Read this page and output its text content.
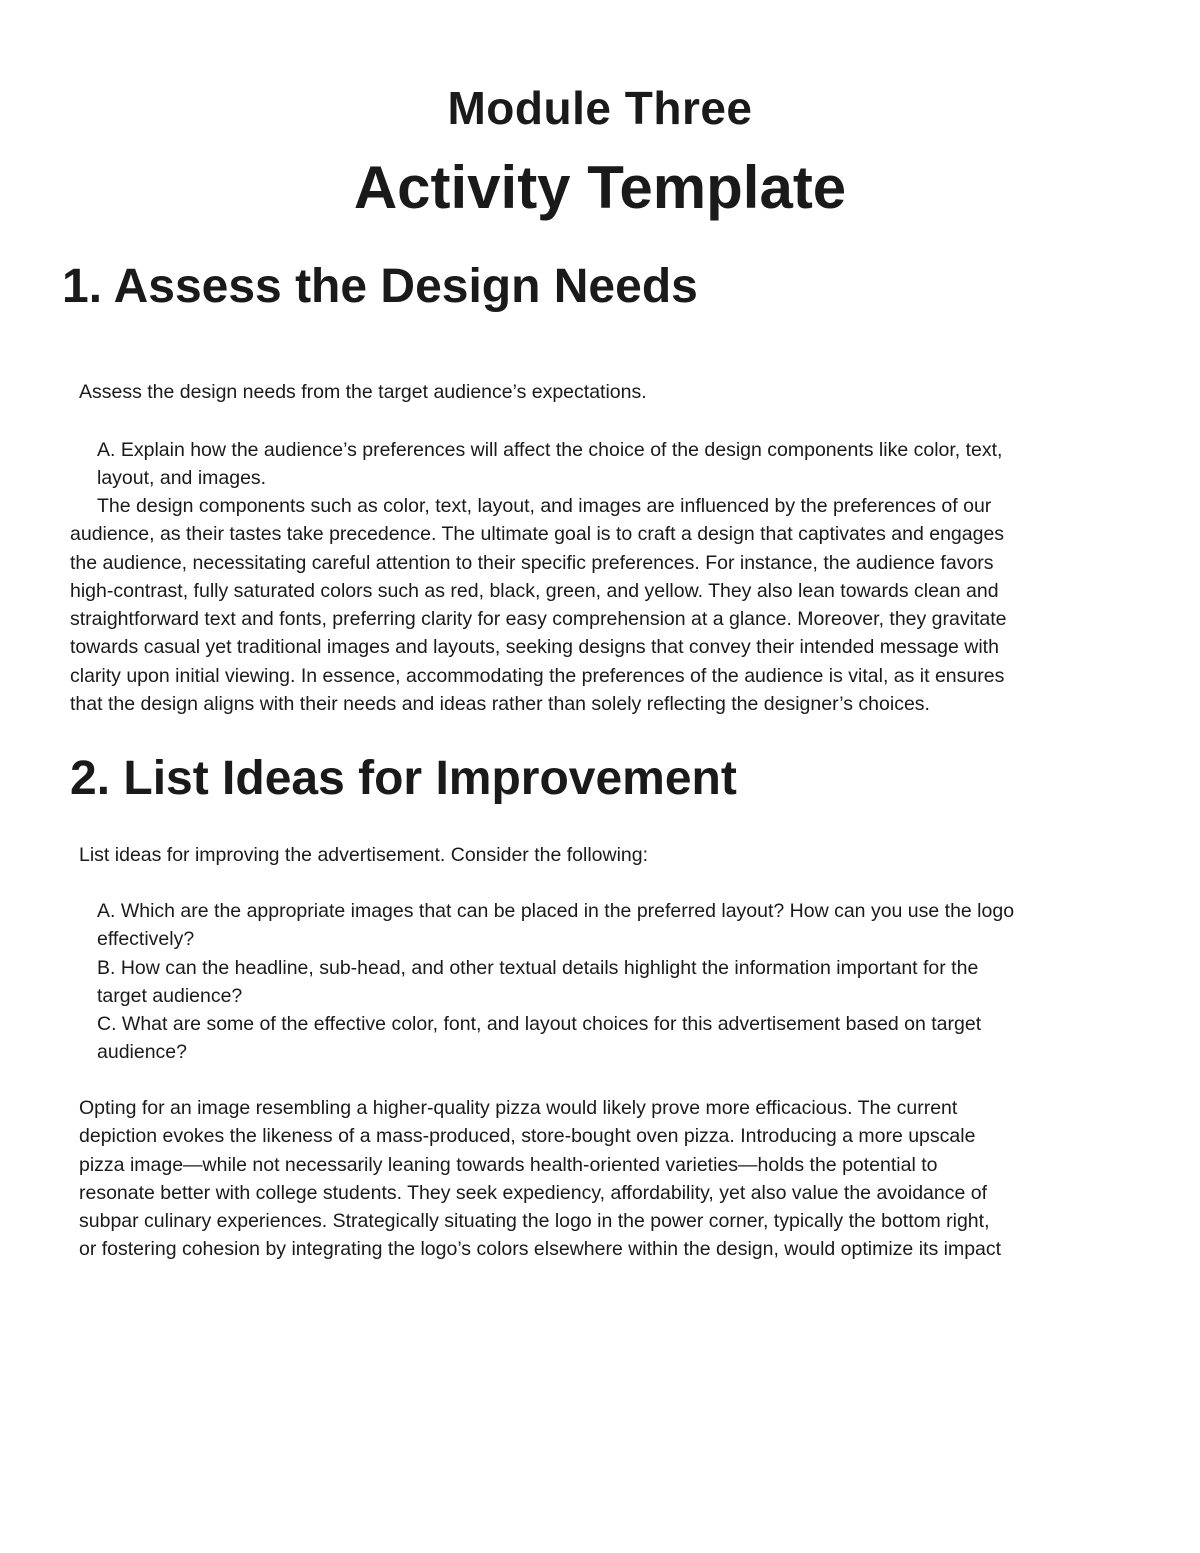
Module Three
Activity Template
1. Assess the Design Needs
Assess the design needs from the target audience’s expectations.
A. Explain how the audience’s preferences will affect the choice of the design components like color, text,
layout, and images.
The design components such as color, text, layout, and images are influenced by the preferences of our
audience, as their tastes take precedence. The ultimate goal is to craft a design that captivates and engages
the audience, necessitating careful attention to their specific preferences. For instance, the audience favors
high-contrast, fully saturated colors such as red, black, green, and yellow. They also lean towards clean and
straightforward text and fonts, preferring clarity for easy comprehension at a glance. Moreover, they gravitate
towards casual yet traditional images and layouts, seeking designs that convey their intended message with
clarity upon initial viewing. In essence, accommodating the preferences of the audience is vital, as it ensures
that the design aligns with their needs and ideas rather than solely reflecting the designer’s choices.
2. List Ideas for Improvement
List ideas for improving the advertisement. Consider the following:
A. Which are the appropriate images that can be placed in the preferred layout? How can you use the logo
effectively?
B. How can the headline, sub-head, and other textual details highlight the information important for the
target audience?
C. What are some of the effective color, font, and layout choices for this advertisement based on target
audience?
Opting for an image resembling a higher-quality pizza would likely prove more efficacious. The current
depiction evokes the likeness of a mass-produced, store-bought oven pizza. Introducing a more upscale
pizza image—while not necessarily leaning towards health-oriented varieties—holds the potential to
resonate better with college students. They seek expediency, affordability, yet also value the avoidance of
subpar culinary experiences. Strategically situating the logo in the power corner, typically the bottom right,
or fostering cohesion by integrating the logo’s colors elsewhere within the design, would optimize its impact
